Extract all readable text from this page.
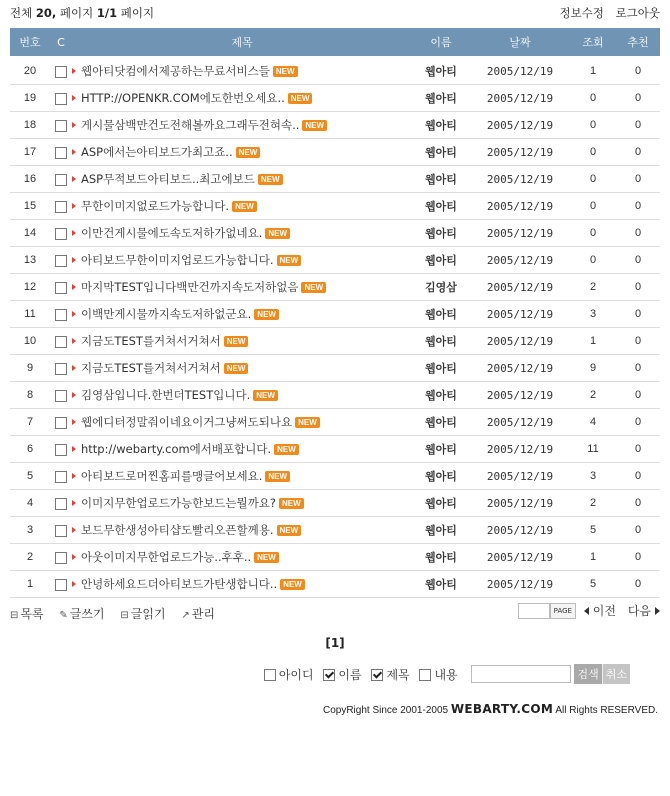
전체 20, 페이지 1/1 페이지	정보수정 로그아웃
번호	C	제목	이름	날짜	조회	추천
20		웹아티닷컴에서제공하는무료서비스들 NEW	웹아티	2005/12/19	1	0
19		HTTP://OPENKR.COM에도한번오세요.. NEW	웹아티	2005/12/19	0	0
18		게시물삼백만건도전해볼까요그래두전혀속.. NEW	웹아티	2005/12/19	0	0
17		ASP에서는아티보드가최고죠.. NEW	웹아티	2005/12/19	0	0
16		ASP무적보드아티보드..최고에보드 NEW	웹아티	2005/12/19	0	0
15		무한이미지없로드가능합니다. NEW	웹아티	2005/12/19	0	0
14		이만건게시물에도속도저하가없네요. NEW	웹아티	2005/12/19	0	0
13		아티보드무한이미지업로드가능합니다. NEW	웹아티	2005/12/19	0	0
12		마지막TEST입니다백만건까지속도저하없음 NEW	김영삼	2005/12/19	2	0
11		이백만게시물까지속도저하없군요. NEW	웹아티	2005/12/19	3	0
10		지금도TEST를거쳐서거쳐서 NEW	웹아티	2005/12/19	1	0
9		지금도TEST를거쳐서거쳐서 NEW	웹아티	2005/12/19	9	0
8		김영삼입니다.한번더TEST입니다. NEW	웹아티	2005/12/19	2	0
7		웹에디터정말줘이네요이거그냥써도되나요 NEW	웹아티	2005/12/19	4	0
6		http://webarty.com에서배포합니다. NEW	웹아티	2005/12/19	11	0
5		아티보드로머찐홈피를맹글어보세요. NEW	웹아티	2005/12/19	3	0
4		이미지무한업로드가능한보드는뭘까요? NEW	웹아티	2005/12/19	2	0
3		보드무한생성아티샵도빨리오픈할께용. NEW	웹아티	2005/12/19	5	0
2		아웃이미지무한업로드가능..후후.. NEW	웹아티	2005/12/19	1	0
1		안녕하세요드더아티보드가탄생합니다.. NEW	웹아티	2005/12/19	5	0
⊟ 목록 ✎ 글쓰기 ⊟ 글읽기 ↗ 관리	PAGE 이전 다음
[1]
아이디 이름 제목 내용	검색 취소
CopyRight Since 2001-2005 WEBARTY.COM All Rights RESERVED.
